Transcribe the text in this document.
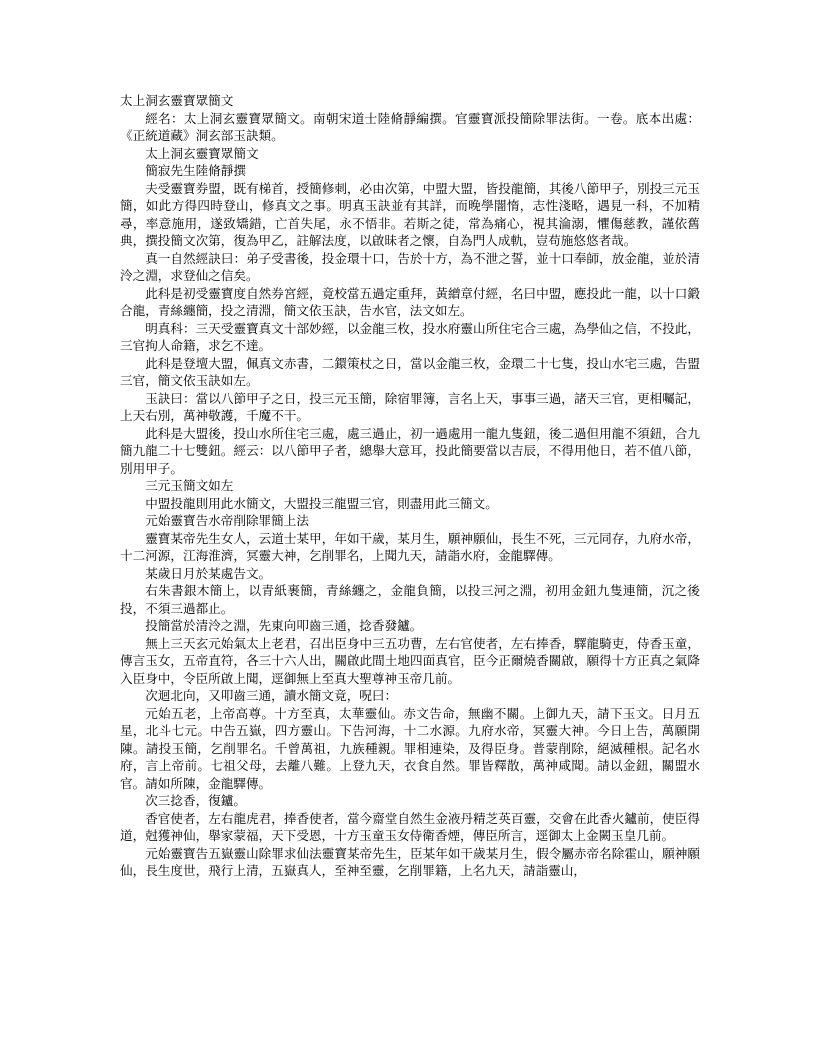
太上洞玄靈寶眾簡文

經名：太上洞玄靈寶眾簡文。南朝宋道士陸脩靜編撰。官靈寶派投簡除罪法街。一卷。底本出處：《正統道藏》洞玄部玉訣類。

太上洞玄靈寶眾簡文

簡寂先生陸脩靜撰

夫受靈寶券盟，既有梯首，授簡修刺，必由次第，中盟大盟，皆投龍簡，其後八節甲子，別投三元玉簡，如此方得四時登山，修真文之事。明真玉訣並有其詳，而晚學闇惰，志性淺略，遇見一科，不加精尋，率意施用，遂致矯錯，亡首失尾，永不悟非。若斯之徒，常為痛心，視其淪溺，懼傷慈教，謹依舊典，撰投簡文次第，復為甲乙，註解法度，以啟昧者之懷，自為門人成軌，豈苟施悠悠者哉。

真一自然經訣曰：弟子受書後，投金環十口，告於十方，為不泄之誓，並十口奉師，放金龍，並於清泠之淵，求登仙之信矣。

此科是初受靈寶度自然券宮經，竟校當五過定重拜，黃繒章付經，名曰中盟，應投此一龍，以十口鍛合龍，青絲纏簡，投之清淵，簡文依玉訣，告水官，法文如左。

明真科：三天受靈寶真文十部妙經，以金龍三枚，投水府靈山所住宅合三處，為學仙之信，不投此，三官拘人命籍，求乞不達。

此科是登壇大盟，佩真文赤書，二鐶策杖之日，當以金龍三枚，金環二十七隻，投山水宅三處，告盟三官，簡文依玉訣如左。

玉訣曰：當以八節甲子之日，投三元玉簡，除宿罪簿，言名上天，事事三過，諸天三官，更相囑記，上天右別，萬神敬護，千魔不干。

此科是大盟後，投山水所住宅三處，處三過止，初一過處用一龍九隻鈕，後二過但用龍不須鈕，合九簡九龍二十七雙鈕。經云：以八節甲子者，總舉大意耳，投此簡要當以吉辰，不得用他日，若不值八節，別用甲子。

三元玉簡文如左

中盟投龍則用此水簡文，大盟投三龍盟三官，則盡用此三簡文。

元始靈寶告水帝削除罪簡上法

靈寶某帝先生女人，云道士某甲，年如干歲，某月生，願神願仙，長生不死，三元同存，九府水帝，十二河源，江海淮濟，冥靈大神，乞削罪名，上聞九天，請詣水府，金龍驛傳。

某歲日月於某處告文。

右朱書銀木簡上，以青紙裹簡，青絲纏之，金龍負簡，以投三河之淵，初用金鈕九隻連簡，沉之後投，不須三過都止。

投簡當於清泠之淵，先東向叩齒三通，捻香發鑪。

無上三天玄元始氣太上老君，召出臣身中三五功曹，左右官使者，左右捧香，驛龍騎吏，侍香玉童，傳言玉女，五帝直符，各三十六人出，關啟此間土地四面真官，臣今正爾燒香關啟，願得十方正真之氣降入臣身中，令臣所啟上聞，逕御無上至真大聖尊神玉帝几前。

次迴北向，又叩齒三通，讀水簡文竟，呪曰：

元始五老，上帝高尊。十方至真，太華靈仙。赤文告命，無幽不關。上御九天，請下玉文。日月五星，北斗七元。中告五嶽，四方靈山。下告河海，十二水源。九府水帝，冥靈大神。今日上告，萬願開陳。請投玉簡，乞削罪名。千曾萬祖，九族種親。罪相連染，及得臣身。普蒙削除，絕滅種根。記名水府，言上帝前。七祖父母，去離八難。上登九天，衣食自然。罪皆釋散，萬神咸聞。請以金鈕，關盟水官。請如所陳，金龍驛傳。

次三捻香，復鑪。

香官使者，左右龍虎君，捧香使者，當今齋堂自然生金液丹精芝英百靈，交會在此香火鑪前，使臣得道，尅獲神仙，舉家蒙福，天下受恩，十方玉童玉女侍衛香煙，傳臣所言，逕御太上金闕玉皇几前。

元始靈寶告五嶽靈山除罪求仙法靈寶某帝先生，臣某年如干歲某月生，假令屬赤帝名除霍山，願神願仙，長生度世，飛行上清，五嶽真人，至神至靈，乞削罪籍，上名九天，請詣靈山，
